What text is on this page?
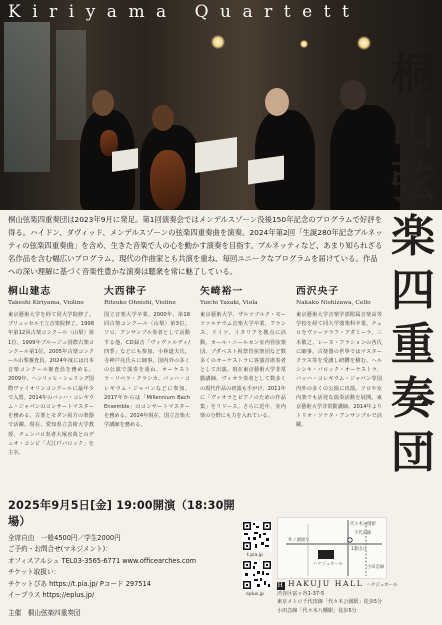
Kiriyama Quartett
桐
山
弦
楽
四
重
奏
団
桐山弦楽四重奏団は2023年9月に発足。第1回演奏会ではメンデルスゾーン没後150年記念のプログラムで好評を得る。ハイドン、ダヴィッド、メンデルスゾーンの弦楽四重奏曲を演奏。2024年第2回「生誕280年記念ブルネッティの弦楽四重奏曲」を含め、生きた音楽で人の心を動かす演奏を目指す。ブルネッティなど、あまり知られざる名作品を含む幅広いプログラム。現代の作曲家とも共演を重ね、毎回ユニークなプログラムを届けている。作品への深い理解に基づく音楽性豊かな演奏は聴衆を常に魅了している。
桐山建志
Takeshi Kiriyama, Violine
東京藝術大学を経て同大学院修了。ブリュッセル王立音楽院修了。1998年第12回古楽コンクール〈山梨〉第1位、1999年ブルージュ国際古楽コンクール第1位。2005年古楽コンクール山梨審査員。2024年度には日本音楽コンクール審査員を務める。2009年、ヘンリッヒ・シェリング国際ヴァイオリンコンクールに最年少で入賞。2014年のバッハ・コレギウム・ジャパンのコンサートマスターを務める。古楽とモダン両方の楽器で活躍。現在、愛知県立芸術大学教授、チェンバロ奏者大塚直哉とのデュオ・コンビ「大江戸バロック」を主宰。
大西律子
Ritsuko Ohnishi, Violine
国立音楽大学卒業。2000年、第18回古楽コンクール〈山梨〉第3位。ソロ、アンサンブル奏者として活動する他、CD録音「ヴィヴァルディ/四季」などにも参加。小林道夫氏、寺神戸亮氏らに師事。国内外の多くの公演で演奏を重ね、オーケストラ・リベラ・クラシカ、バッハ・コレギウム・ジャパンなどに参加。2017年からは「Millennium Bach Ensemble」のコンサートマスターを務める。2024年現在、国立音楽大学講師を務める。
矢崎裕一
Yuichi Yazaki, Viola
東京藝術大学、ザルツブルク・モーツァルテウム音楽大学卒業。フランス、ドイツ、イタリアを拠点に活動。カール・ニールセン室内管弦楽団、ブダペスト祝祭管弦楽団など数多くのオーケストラに客演首席奏者として出演。現在東京藝術大学非常勤講師。ヴィオラ奏者として数多くの現代作品の初演も手がけ、2011年に「ヴィオラとピアノのための作品集」をリリース。さらに近年、室内楽の分野にも力を入れている。
西沢央子
Nakako Nishizawa, Cello
東京藝術大学音楽学部附属音楽高等学校を経て同大学器楽科卒業。チェロをヴァーツラフ・アダミーラ、三木敬之、レーヌ・フラションの各氏に師事。古楽器の世界ではマスタークラス等を受講し研鑽を積む。ヘルシンキ・バロック・オーケストラ、バッハ・コレギウム・ジャパン等国内外の多くの公演に出演。ソロや室内楽でも活発な演奏活動を展開。東京藝術大学非常勤講師。2014年よりトリオ・ソナタ・アンサンブルで活躍。
2025年9月5日[金] 19:00開演（18:30開場）
全席自由　一般4500円／学生2000円
ご予約・お問合せ(マネジメント)：
オフィスアルシュ TEL03-3565-6771 www.officearches.com
チケット取扱い：
チケットぴあ https://t.pia.jp/ Pコード 297514
イープラス https://eplus.jp/
主催　桐山弦楽四重奏団
t.pia.jp
eplus.jp
代々木公園駅
千代田線
小田急線
ハクジュホール
井ノ頭通り
1番出口
H HAKUJU HALL ハクジュホール
渋谷区富ヶ谷1-37-5
東京メトロ千代田線「代々木公園駅」徒歩5分
小田急線「代々木八幡駅」徒歩5分
